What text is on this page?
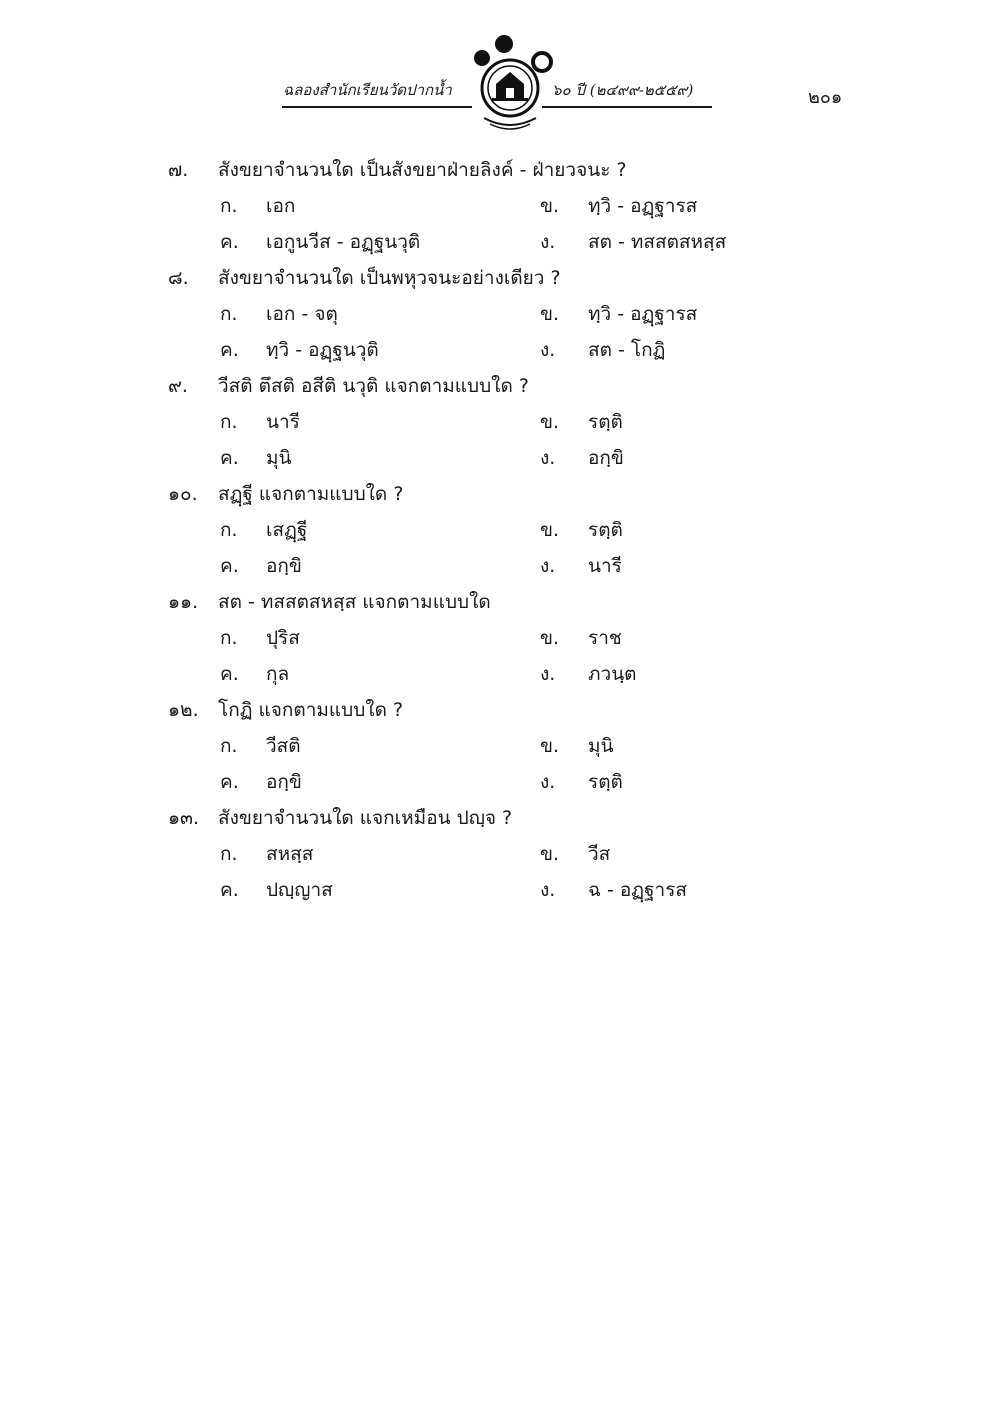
ฉลองสำนักเรียนวัดปากน้ำ	๖๐ ปี (๒๔๙๙-๒๕๕๙)	๒๐๑
๗. สังขยาจำนวนใด เป็นสังขยาฝ่ายลิงค์ - ฝ่ายวจนะ ?
ก. เอก	ข. ทฺวิ - อฏฺฐารส
ค. เอกูนวีส - อฏฺฐนวุติ	ง. สต - ทสสตสหสฺส
๘. สังขยาจำนวนใด เป็นพหุวจนะอย่างเดียว ?
ก. เอก - จตุ	ข. ทฺวิ - อฏฺฐารส
ค. ทฺวิ - อฏฺฐนวุติ	ง. สต - โกฏิ
๙. วีสติ ตึสติ อสีติ นวุติ แจกตามแบบใด ?
ก. นารี	ข. รตฺติ
ค. มุนิ	ง. อกฺขิ
๑๐. สฏฺฐี แจกตามแบบใด ?
ก. เสฏฺฐี	ข. รตฺติ
ค. อกฺขิ	ง. นารี
๑๑. สต - ทสสตสหสฺส แจกตามแบบใด
ก. ปุริส	ข. ราช
ค. กุล	ง. ภวนฺต
๑๒. โกฏิ แจกตามแบบใด ?
ก. วีสติ	ข. มุนิ
ค. อกฺขิ	ง. รตฺติ
๑๓. สังขยาจำนวนใด แจกเหมือน ปญฺจ ?
ก. สหสฺส	ข. วีส
ค. ปญฺญาส	ง. ฉ - อฏฺฐารส
